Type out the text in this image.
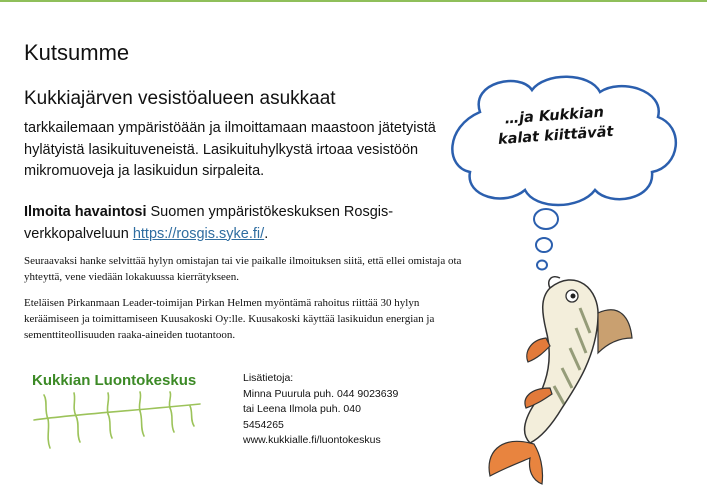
Kutsumme
Kukkiajärven vesistöalueen asukkaat

tarkkailemaan ympäristöään ja ilmoittamaan maastoon jätetyistä hylätyistä lasikuituveneistä. Lasikuituhylkystä irtoaa vesistöön mikromuoveja ja lasikuidun sirpaleita.

Ilmoita havaintosi Suomen ympäristökeskuksen Rosgis-verkkopalveluun https://rosgis.syke.fi/.

Seuraavaksi hanke selvittää hylyn omistajan tai vie paikalle ilmoituksen siitä, että ellei omistaja ota yhteyttä, vene viedään lokakuussa kierrätykseen.

Eteläisen Pirkanmaan Leader-toimijan Pirkan Helmen myöntämä rahoitus riittää 30 hylyn keräämiseen ja toimittamiseen Kuusakoski Oy:lle. Kuusakoski käyttää lasikuidun energian ja sementtiteollisuuden raaka-aineiden tuotantoon.

Kukkian Luontokeskus	Lisätietoja:
Minna Puurula puh. 044 9023639
tai Leena Ilmola puh. 040
5454265
www.kukkialle.fi/luontokeskus
…ja Kukkian
kalat kiittävät
